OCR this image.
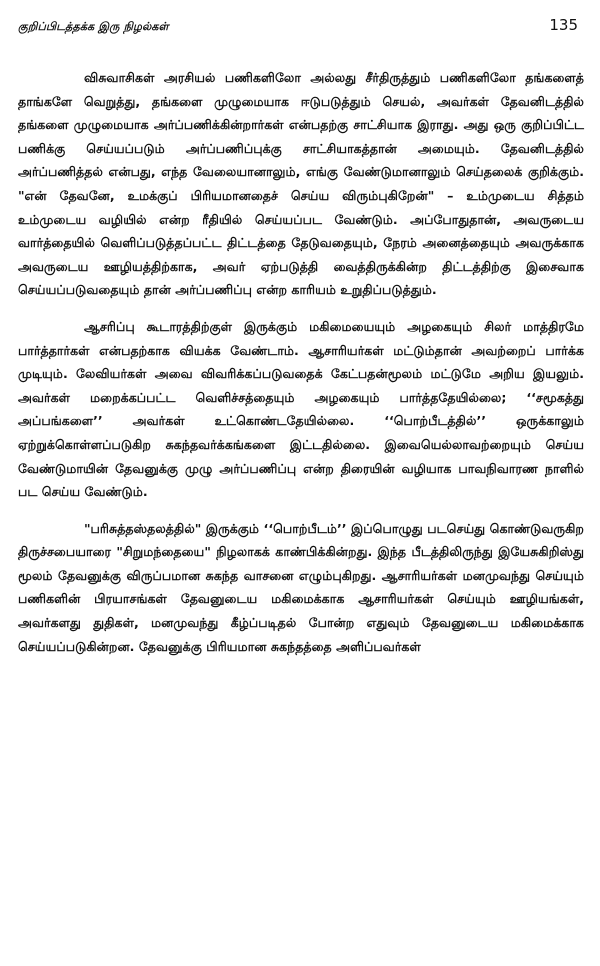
குறிப்பிடத்தக்க இரு நிழல்கள்	135

விசுவாசிகள் அரசியல் பணிகளிலோ அல்லது சீர்திருத்தும் பணிகளிலோ தங்களைத் தாங்களே வெறுத்து, தங்களை முழுமையாக ஈடுபடுத்தும் செயல், அவர்கள் தேவனிடத்தில் தங்களை முழுமையாக அர்ப்பணிக்கின்றார்கள் என்பதற்கு சாட்சியாக இராது. அது ஒரு குறிப்பிட்ட பணிக்கு செய்யப்படும் அர்ப்பணிப்புக்கு சாட்சியாகத்தான் அமையும். தேவனிடத்தில் அர்ப்பணித்தல் என்பது, எந்த வேலையானாலும், எங்கு வேண்டுமானாலும் செய்தலைக் குறிக்கும். "என் தேவனே, உமக்குப் பிரியமானதைச் செய்ய விரும்புகிறேன்" – உம்முடைய சித்தம் உம்முடைய வழியில் என்ற ரீதியில் செய்யப்பட வேண்டும். அப்போதுதான், அவருடைய வார்த்தையில் வெளிப்படுத்தப்பட்ட திட்டத்தை தேடுவதையும், நேரம் அனைத்தையும் அவருக்காக அவருடைய ஊழியத்திற்காக, அவர் ஏற்படுத்தி வைத்திருக்கின்ற திட்டத்திற்கு இசைவாக செய்யப்படுவதையும் தான் அர்ப்பணிப்பு என்ற காரியம் உறுதிப்படுத்தும்.

ஆசரிப்பு கூடாரத்திற்குள் இருக்கும் மகிமையையும் அழகையும் சிலர் மாத்திரமே பார்த்தார்கள் என்பதற்காக வியக்க வேண்டாம். ஆசாரியர்கள் மட்டும்தான் அவற்றைப் பார்க்க முடியும். லேவியர்கள் அவை விவரிக்கப்படுவதைக் கேட்பதன்மூலம் மட்டுமே அறிய இயலும். அவர்கள் மறைக்கப்பட்ட வெளிச்சத்தையும் அழகையும் பார்த்ததேயில்லை; ‘‘சமூகத்து அப்பங்களை’’ அவர்கள் உட்கொண்டதேயில்லை. ‘‘பொற்பீடத்தில்’’ ஒருக்காலும் ஏற்றுக்கொள்ளப்படுகிற சுகந்தவர்க்கங்களை இட்டதில்லை. இவையெல்லாவற்றையும் செய்ய வேண்டுமாயின் தேவனுக்கு முழு அர்ப்பணிப்பு என்ற திரையின் வழியாக பாவநிவாரண நாளில் பட செய்ய வேண்டும்.

"பரிசுத்தஸ்தலத்தில்" இருக்கும் ‘‘பொற்பீடம்’’ இப்பொழுது படசெய்து கொண்டுவருகிற திருச்சபையாரை "சிறுமந்தையை" நிழலாகக் காண்பிக்கின்றது. இந்த பீடத்திலிருந்து இயேசுகிறிஸ்து மூலம் தேவனுக்கு விருப்பமான சுகந்த வாசனை எழும்புகிறது. ஆசாரியர்கள் மனமுவந்து செய்யும் பணிகளின் பிரயாசங்கள் தேவனுடைய மகிமைக்காக ஆசாரியர்கள் செய்யும் ஊழியங்கள், அவர்களது துதிகள், மனமுவந்து கீழ்ப்படிதல் போன்ற எதுவும் தேவனுடைய மகிமைக்காக செய்யப்படுகின்றன. தேவனுக்கு பிரியமான சுகந்தத்தை அளிப்பவர்கள்
